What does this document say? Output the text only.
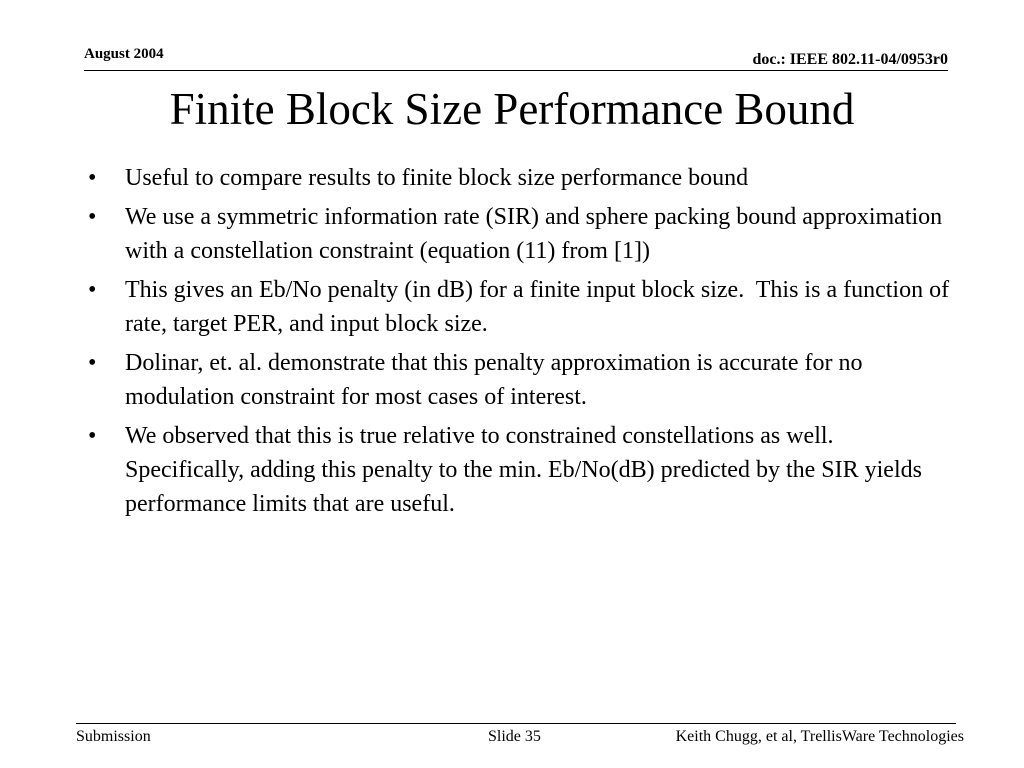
August 2004	doc.: IEEE 802.11-04/0953r0
Finite Block Size Performance Bound
• Useful to compare results to finite block size performance bound
• We use a symmetric information rate (SIR) and sphere packing bound approximation with a constellation constraint (equation (11) from [1])
• This gives an Eb/No penalty (in dB) for a finite input block size.  This is a function of rate, target PER, and input block size.
• Dolinar, et. al. demonstrate that this penalty approximation is accurate for no modulation constraint for most cases of interest.
• We observed that this is true relative to constrained constellations as well.  Specifically, adding this penalty to the min. Eb/No(dB) predicted by the SIR yields performance limits that are useful.
Submission	Slide 35	Keith Chugg, et al, TrellisWare Technologies
